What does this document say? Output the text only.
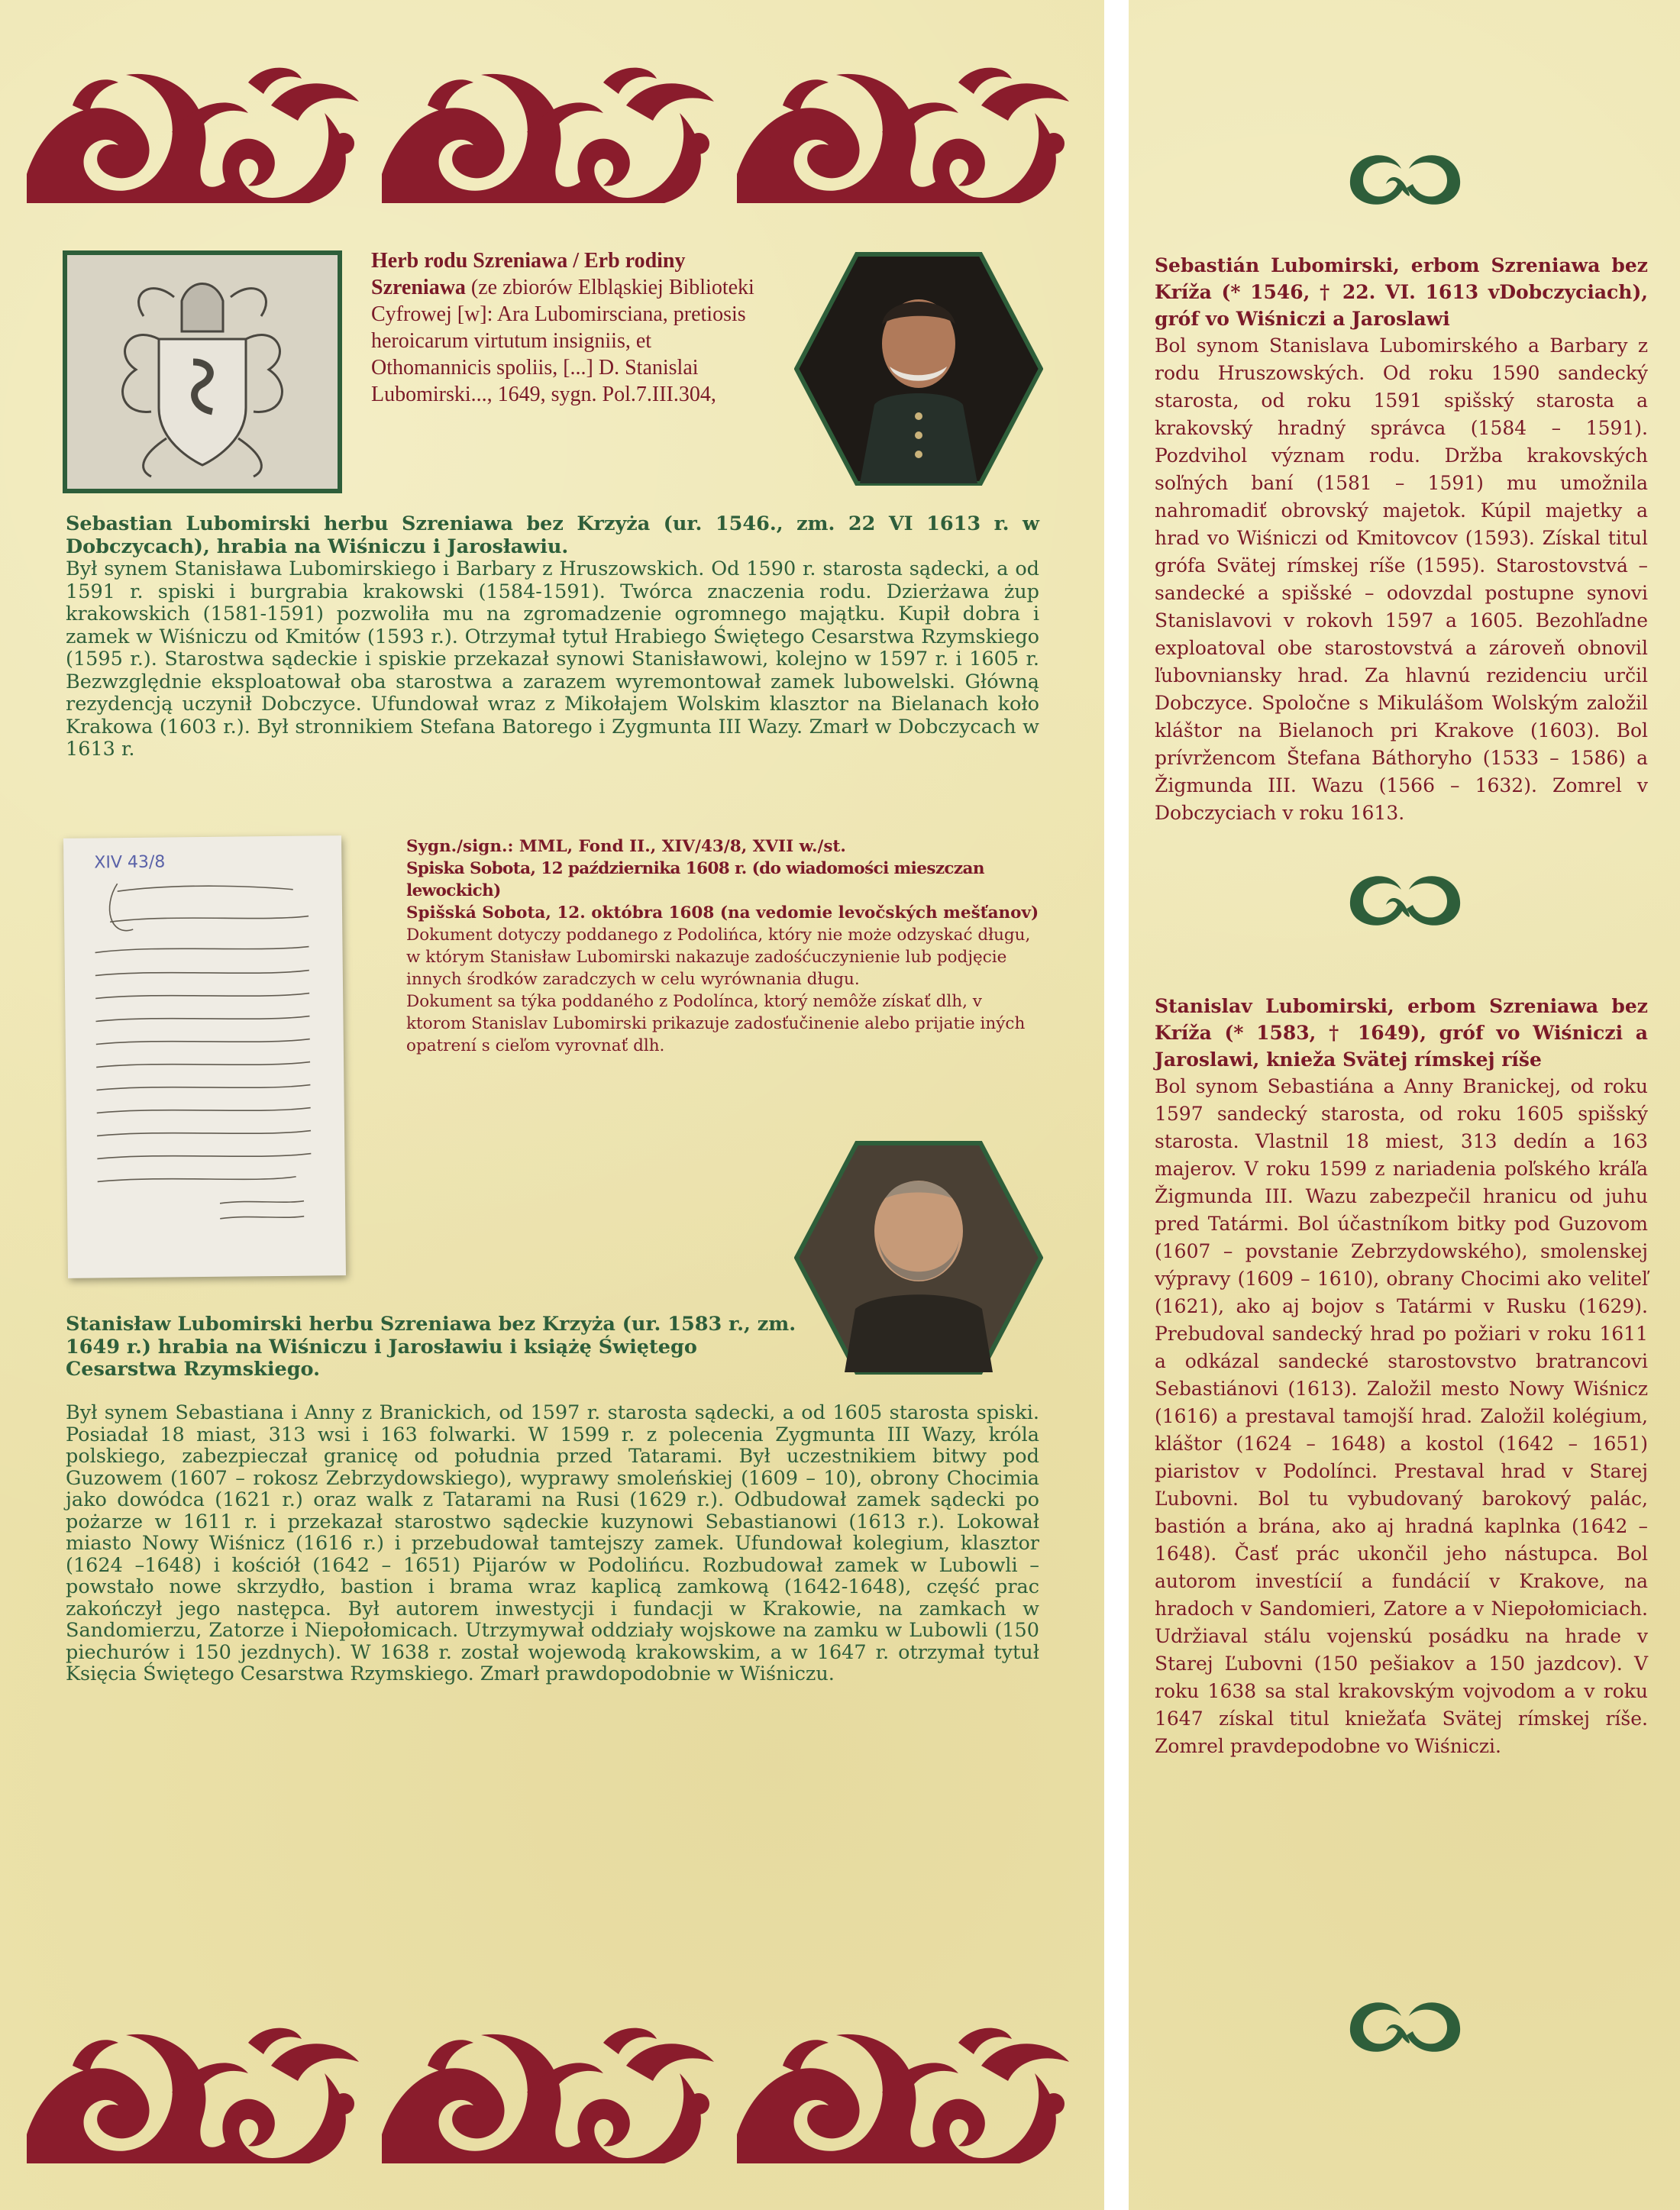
Herb rodu Szreniawa / Erb rodiny Szreniawa (ze zbiorów Elbląskiej Biblioteki Cyfrowej [w]: Ara Lubomirsciana, pretiosis heroicarum virtutum insigniis, et Othomannicis spoliis, [...] D. Stanislai Lubomirski..., 1649, sygn. Pol.7.III.304,

Sebastian Lubomirski herbu Szreniawa bez Krzyża (ur. 1546., zm. 22 VI 1613 r. w Dobczycach), hrabia na Wiśniczu i Jarosławiu.
Był synem Stanisława Lubomirskiego i Barbary z Hruszowskich. Od 1590 r. starosta sądecki, a od 1591 r. spiski i burgrabia krakowski (1584-1591). Twórca znaczenia rodu. Dzierżawa żup krakowskich (1581-1591) pozwoliła mu na zgromadzenie ogromnego majątku. Kupił dobra i zamek w Wiśniczu od Kmitów (1593 r.). Otrzymał tytuł Hrabiego Świętego Cesarstwa Rzymskiego (1595 r.). Starostwa sądeckie i spiskie przekazał synowi Stanisławowi, kolejno w 1597 r. i 1605 r. Bezwzględnie eksploatował oba starostwa a zarazem wyremontował zamek lubowelski. Główną rezydencją uczynił Dobczyce. Ufundował wraz z Mikołajem Wolskim klasztor na Bielanach koło Krakowa (1603 r.). Był stronnikiem Stefana Batorego i Zygmunta III Wazy. Zmarł w Dobczycach w 1613 r.

XIV 43/8
Sygn./sign.: MML, Fond II., XIV/43/8, XVII w./st.
Spiska Sobota, 12 października 1608 r. (do wiadomości mieszczan lewockich)
Spišská Sobota, 12. októbra 1608 (na vedomie levočských mešťanov)
Dokument dotyczy poddanego z Podolińca, który nie może odzyskać długu, w którym Stanisław Lubomirski nakazuje zadośćuczynienie lub podjęcie innych środków zaradczych w celu wyrównania długu.
Dokument sa týka poddaného z Podolínca, ktorý nemôže získať dlh, v ktorom Stanislav Lubomirski prikazuje zadosťučinenie alebo prijatie iných opatrení s cieľom vyrovnať dlh.
Stanisław Lubomirski herbu Szreniawa bez Krzyża (ur. 1583 r., zm. 1649 r.) hrabia na Wiśniczu i Jarosławiu i książę Świętego Cesarstwa Rzymskiego.

Był synem Sebastiana i Anny z Branickich, od 1597 r. starosta sądecki, a od 1605 starosta spiski. Posiadał 18 miast, 313 wsi i 163 folwarki. W 1599 r. z polecenia Zygmunta III Wazy, króla polskiego, zabezpieczał granicę od południa przed Tatarami. Był uczestnikiem bitwy pod Guzowem (1607 – rokosz Zebrzydowskiego), wyprawy smoleńskiej (1609 – 10), obrony Chocimia jako dowódca (1621 r.) oraz walk z Tatarami na Rusi (1629 r.). Odbudował zamek sądecki po pożarze w 1611 r. i przekazał starostwo sądeckie kuzynowi Sebastianowi (1613 r.). Lokował miasto Nowy Wiśnicz (1616 r.) i przebudował tamtejszy zamek. Ufundował kolegium, klasztor (1624 –1648) i kościół (1642 – 1651) Pijarów w Podolińcu. Rozbudował zamek w Lubowli – powstało nowe skrzydło, bastion i brama wraz kaplicą zamkową (1642-1648), część prac zakończył jego następca. Był autorem inwestycji i fundacji w Krakowie, na zamkach w Sandomierzu, Zatorze i Niepołomicach. Utrzymywał oddziały wojskowe na zamku w Lubowli (150 piechurów i 150 jezdnych). W 1638 r. został wojewodą krakowskim, a w 1647 r. otrzymał tytuł Księcia Świętego Cesarstwa Rzymskiego. Zmarł prawdopodobnie w Wiśniczu.

Sebastián Lubomirski, erbom Szreniawa bez Kríža (* 1546, † 22. VI. 1613 vDobczyciach), gróf vo Wiśniczi a Jaroslawi
Bol synom Stanislava Lubomirského a Barbary z rodu Hruszowských. Od roku 1590 sandecký starosta, od roku 1591 spišský starosta a krakovský hradný správca (1584 – 1591). Pozdvihol význam rodu. Držba krakovských soľných baní (1581 – 1591) mu umožnila nahromadiť obrovský majetok. Kúpil majetky a hrad vo Wiśniczi od Kmitovcov (1593). Získal titul grófa Svätej rímskej ríše (1595). Starostovstvá – sandecké a spišské – odovzdal postupne synovi Stanislavovi v rokovh 1597 a 1605. Bezohľadne exploatoval obe starostovstvá a zároveň obnovil ľubovniansky hrad. Za hlavnú rezidenciu určil Dobczyce. Spoločne s Mikulášom Wolským založil kláštor na Bielanoch pri Krakove (1603). Bol prívržencom Štefana Báthoryho (1533 – 1586) a Žigmunda III. Wazu (1566 – 1632). Zomrel v Dobczyciach v roku 1613.
Stanislav Lubomirski, erbom Szreniawa bez Kríža (* 1583, † 1649), gróf vo Wiśniczi a Jaroslawi, knieža Svätej rímskej ríše
Bol synom Sebastiána a Anny Branickej, od roku 1597 sandecký starosta, od roku 1605 spišský starosta. Vlastnil 18 miest, 313 dedín a 163 majerov. V roku 1599 z nariadenia poľského kráľa Žigmunda III. Wazu zabezpečil hranicu od juhu pred Tatármi. Bol účastníkom bitky pod Guzovom (1607 – povstanie Zebrzydowského), smolenskej výpravy (1609 – 1610), obrany Chocimi ako veliteľ (1621), ako aj bojov s Tatármi v Rusku (1629). Prebudoval sandecký hrad po požiari v roku 1611 a odkázal sandecké starostovstvo bratrancovi Sebastiánovi (1613). Založil mesto Nowy Wiśnicz (1616) a prestaval tamojší hrad. Založil kolégium, kláštor (1624 – 1648) a kostol (1642 – 1651) piaristov v Podolínci. Prestaval hrad v Starej Ľubovni. Bol tu vybudovaný barokový palác, bastión a brána, ako aj hradná kaplnka (1642 – 1648). Časť prác ukončil jeho nástupca. Bol autorom investícií a fundácií v Krakove, na hradoch v Sandomieri, Zatore a v Niepołomiciach. Udržiaval stálu vojenskú posádku na hrade v Starej Ľubovni (150 pešiakov a 150 jazdcov). V roku 1638 sa stal krakovským vojvodom a v roku 1647 získal titul kniežaťa Svätej rímskej ríše. Zomrel pravdepodobne vo Wiśniczi.
